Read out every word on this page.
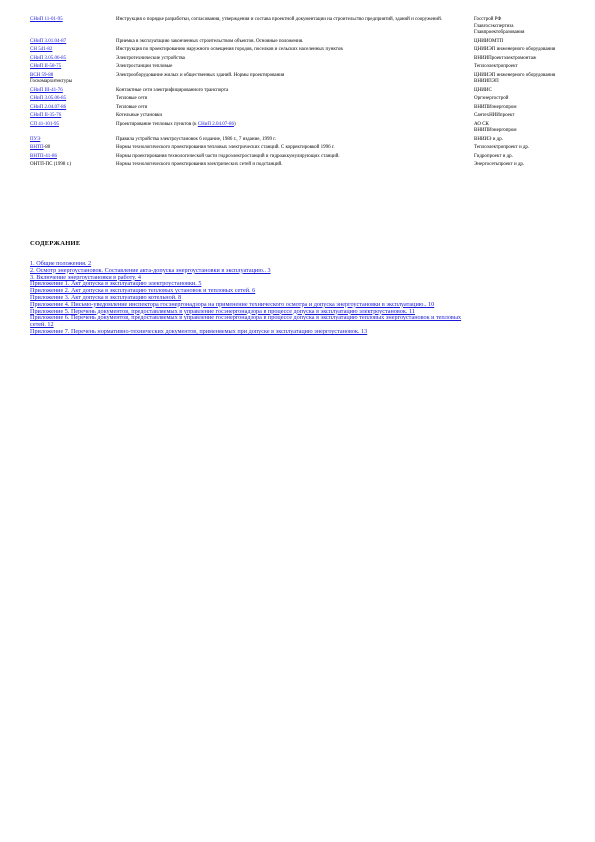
СНиП 11-01-95	Инструкция о порядке разработки, согласования, утверждения и состава проектной документации на строительство предприятий, зданий и сооружений.	Госстрой РФ
Главгосэкспертиза
Главпроектобразования

СНиП 3.01.04-87	Приемка в эксплуатацию законченных строительством объектов. Основные положения.	ЦНИИОМТП

СН 541-82	Инструкция по проектированию наружного освещения городов, поселков и сельских населенных пунктов	ЦНИИЭП инженерного оборудования

СНиП 3.05.06-85	Электротехнические устройства	ВНИИПроектэлектромонтаж

СНиП II-58-75	Электростанции тепловые	Теплоэлектропроект

ВСН 59-88
Госкомархитектуры	Электрооборудование жилых и общественных зданий. Нормы проектирования	ЦНИИЭП инженерного оборудования
ВНИИПЭП

СНиП III-41-76	Контактные сети электрифицированного транспорта	ЦНИИС

СНиП 3.05.06-85	Тепловые сети	Оргэнергострой

СНиП 2.04.07-86	Тепловые сети	ВНИПИэнергопром

СНиП II-35-76	Котельные установки	СантехНИИпроект

СП 41-101-95	Проектирование тепловых пунктов (к СНиП 2.04.07-86)	АО СК
ВНИПИэнергопром

ПУЭ	Правила устройства электроустановок 6 издание, 1986 г., 7 издание, 1999 г.	ВНИИЭ и др.

ВНТП-80	Нормы технологического проектирования тепловых электрических станций. С корректировкой 1996 г.	Теплоэлектропроект и др.

ВНТП-41-86	Нормы проектирования технологической части гидроэлектростанций и гидроаккумулирующих станций.	Гидропроект и др.

ОНТП-ПС (1998 г.)	Нормы технологического проектирования электрических сетей и подстанций.	Энергосетьпроект и др.

СОДЕРЖАНИЕ

1. Общие положения. 2
2. Осмотр энергоустановок. Составление акта-допуска энергоустановки в эксплуатацию.. 3
3. Включение энергоустановки в работу. 4
Приложение 1. Акт допуска в эксплуатацию электроустановки. 5
Приложение 2. Акт допуска в эксплуатацию тепловых установок и тепловых сетей. 6
Приложение 3. Акт допуска в эксплуатацию котельной. 8
Приложение 4. Письмо-уведомление инспектора госэнергонадзора на применение технического осмотра и допуска энергоустановки в эксплуатацию.. 10
Приложение 5. Перечень документов, предоставляемых в управление госэнергонадзора в процессе допуска в эксплуатацию электроустановок. 11
Приложение 6. Перечень документов, предоставляемых в управление госэнергонадзора в процессе допуска в эксплуатацию тепловых энергоустановок и тепловых сетей. 12
Приложение 7. Перечень нормативно-технических документов, применяемых при допуске в эксплуатацию энергоустановок. 13
